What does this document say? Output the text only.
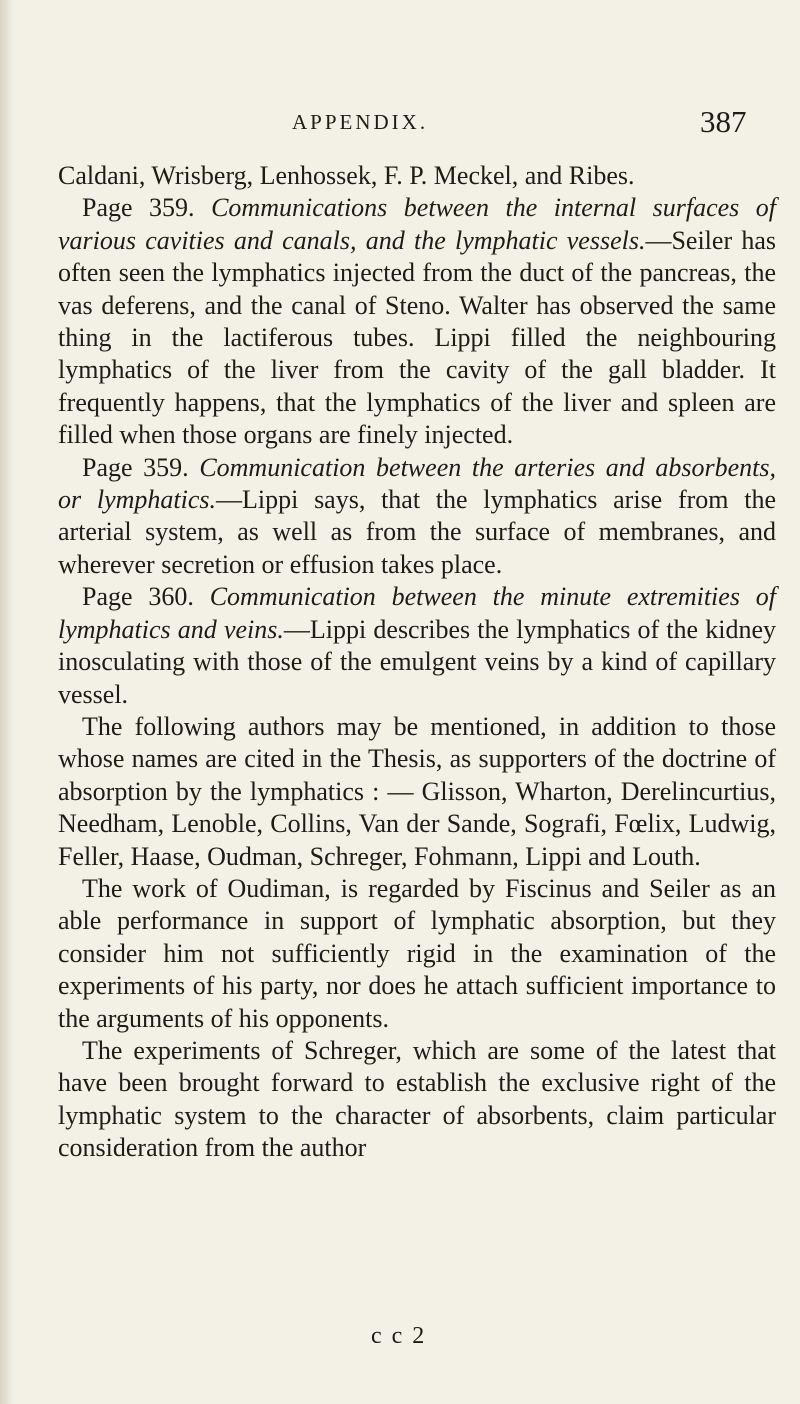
APPENDIX.	387

Caldani, Wrisberg, Lenhossek, F. P. Meckel, and Ribes.

Page 359. Communications between the internal surfaces of various cavities and canals, and the lymphatic vessels.—Seiler has often seen the lymphatics injected from the duct of the pancreas, the vas deferens, and the canal of Steno. Walter has observed the same thing in the lactiferous tubes. Lippi filled the neighbouring lymphatics of the liver from the cavity of the gall bladder. It frequently happens, that the lymphatics of the liver and spleen are filled when those organs are finely injected.

Page 359. Communication between the arteries and absorbents, or lymphatics.—Lippi says, that the lymphatics arise from the arterial system, as well as from the surface of membranes, and wherever secretion or effusion takes place.

Page 360. Communication between the minute extremities of lymphatics and veins.—Lippi describes the lymphatics of the kidney inosculating with those of the emulgent veins by a kind of capillary vessel.

The following authors may be mentioned, in addition to those whose names are cited in the Thesis, as supporters of the doctrine of absorption by the lymphatics : — Glisson, Wharton, Derelincurtius, Needham, Lenoble, Collins, Van der Sande, Sografi, Fœlix, Ludwig, Feller, Haase, Oudman, Schreger, Fohmann, Lippi and Louth.

The work of Oudiman, is regarded by Fiscinus and Seiler as an able performance in support of lymphatic absorption, but they consider him not sufficiently rigid in the examination of the experiments of his party, nor does he attach sufficient importance to the arguments of his opponents.

The experiments of Schreger, which are some of the latest that have been brought forward to establish the exclusive right of the lymphatic system to the character of absorbents, claim particular consideration from the author

c c 2
